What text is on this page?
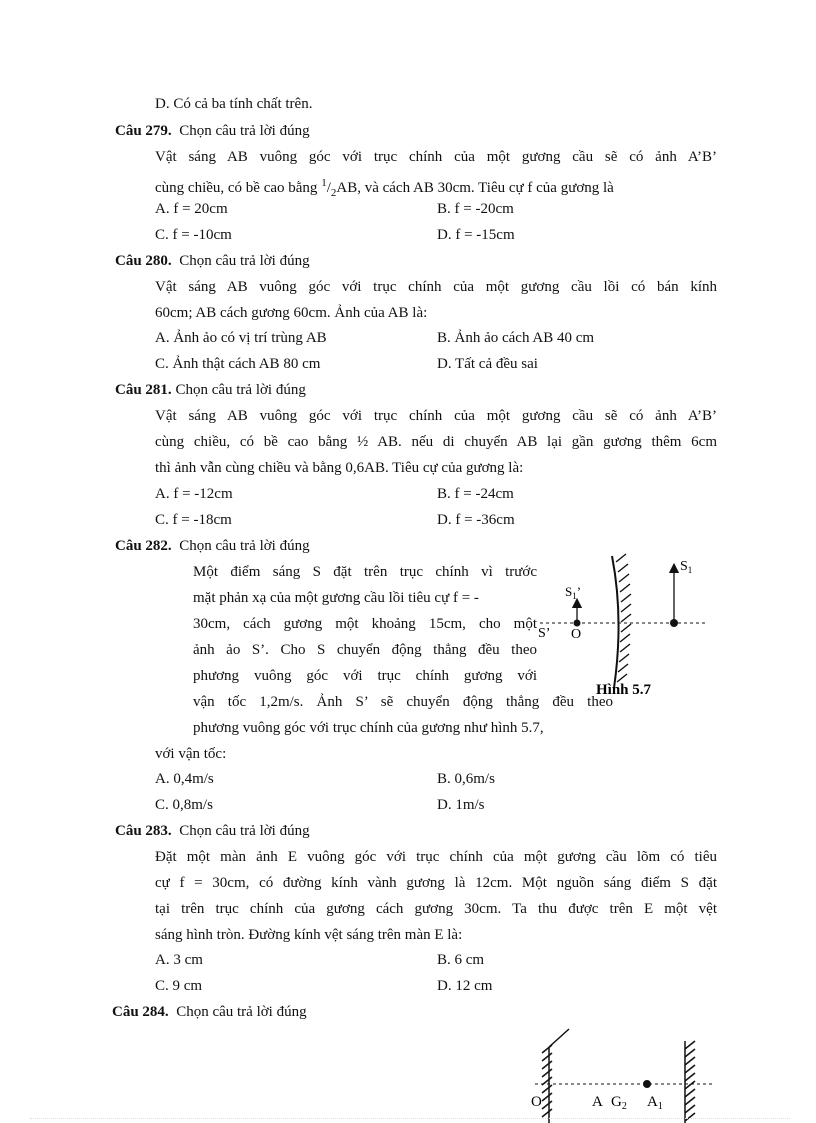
D. Có cả ba tính chất trên.
Câu 279. Chọn câu trả lời đúng
Vật sáng AB vuông góc với trục chính của một gương cầu sẽ có ảnh A’B’
cùng chiều, có bề cao bằng $^1/_2AB$, và cách AB 30cm. Tiêu cự f của gương là
A. f = 20cm	B. f = -20cm
C. f = -10cm	D. f = -15cm
Câu 280. Chọn câu trả lời đúng
Vật sáng AB vuông góc với trục chính của một gương cầu lồi có bán kính
60cm; AB cách gương 60cm. Ảnh của AB là:
A. Ảnh ảo có vị trí trùng AB	B. Ảnh ảo cách AB 40 cm
C. Ảnh thật cách AB 80 cm	D. Tất cả đều sai
Câu 281. Chọn câu trả lời đúng
Vật sáng AB vuông góc với trục chính của một gương cầu sẽ có ảnh A’B’
cùng chiều, có bề cao bằng ½ AB. nếu di chuyển AB lại gần gương thêm 6cm
thì ảnh vẫn cùng chiều và bằng 0,6AB. Tiêu cự của gương là:
A. f = -12cm	B. f = -24cm
C. f = -18cm	D. f = -36cm
Câu 282. Chọn câu trả lời đúng
Một điểm sáng S đặt trên trục chính vì trước
mặt phản xạ của một gương cầu lồi tiêu cự f = -
30cm, cách gương một khoảng 15cm, cho một
ảnh ảo S’. Cho S chuyển động thẳng đều theo
phương vuông góc với trục chính gương với
vận tốc 1,2m/s. Ảnh S’ sẽ chuyển động thẳng đều theo
phương vuông góc với trục chính của gương như hình 5.7,
với vận tốc:
A. 0,4m/s	B. 0,6m/s
C. 0,8m/s	D. 1m/s
$S_1$
$S_1$’
S’ O
Hình 5.7
Câu 283. Chọn câu trả lời đúng
Đặt một màn ảnh E vuông góc với trục chính của một gương cầu lõm có tiêu
cự f = 30cm, có đường kính vành gương là 12cm. Một nguồn sáng điểm S đặt
tại trên trục chính của gương cách gương 30cm. Ta thu được trên E một vệt
sáng hình tròn. Đường kính vệt sáng trên màn E là:
A. 3 cm	B. 6 cm
C. 9 cm	D. 12 cm
Câu 284. Chọn câu trả lời đúng
O	A $G_2$ $A_1$
